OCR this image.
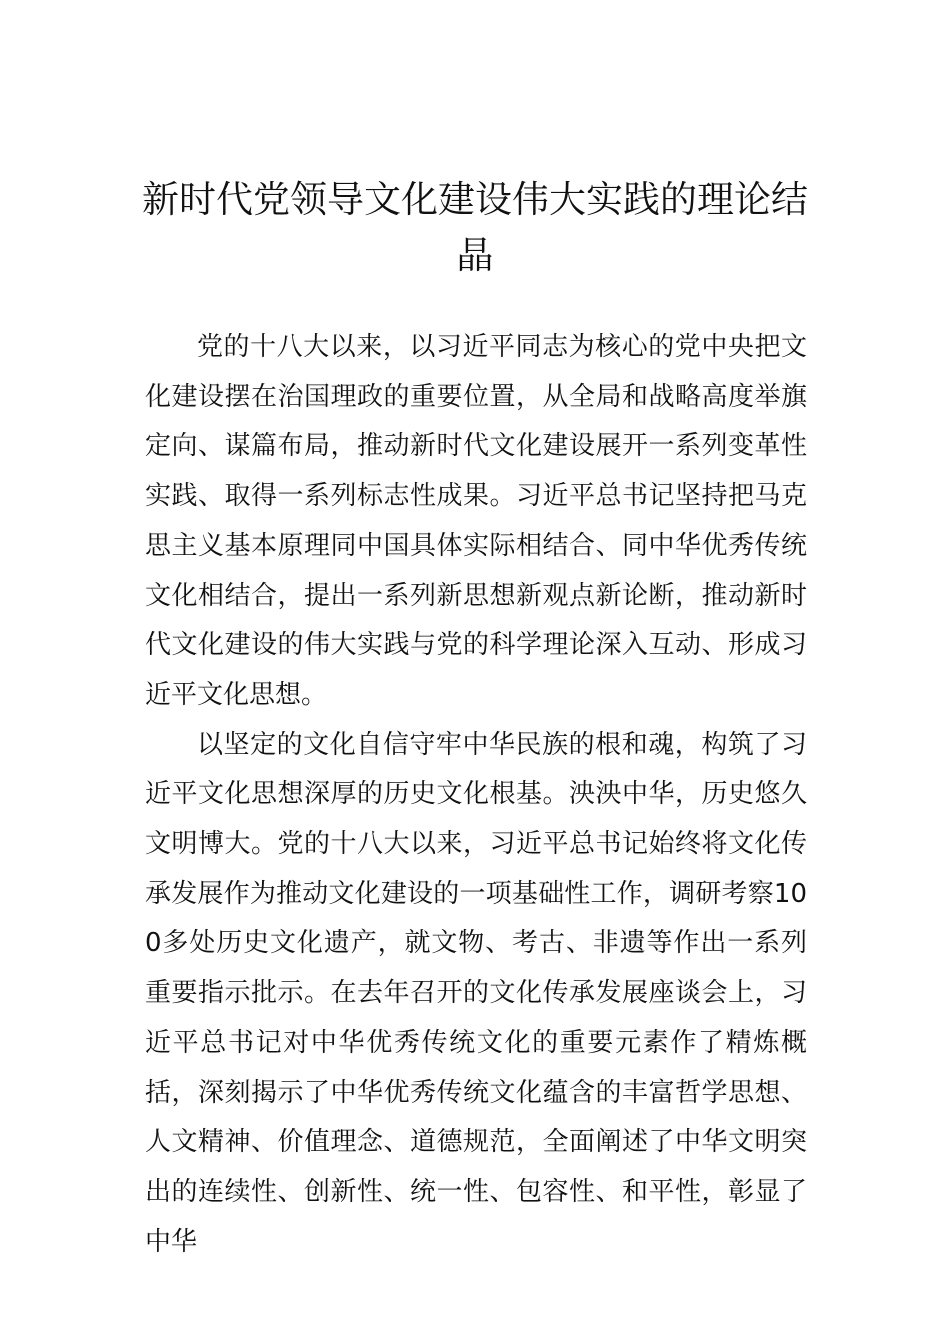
新时代党领导文化建设伟大实践的理论结晶

党的十八大以来，以习近平同志为核心的党中央把文化建设摆在治国理政的重要位置，从全局和战略高度举旗定向、谋篇布局，推动新时代文化建设展开一系列变革性实践、取得一系列标志性成果。习近平总书记坚持把马克思主义基本原理同中国具体实际相结合、同中华优秀传统文化相结合，提出一系列新思想新观点新论断，推动新时代文化建设的伟大实践与党的科学理论深入互动、形成习近平文化思想。

以坚定的文化自信守牢中华民族的根和魂，构筑了习近平文化思想深厚的历史文化根基。泱泱中华，历史悠久文明博大。党的十八大以来，习近平总书记始终将文化传承发展作为推动文化建设的一项基础性工作，调研考察100多处历史文化遗产，就文物、考古、非遗等作出一系列重要指示批示。在去年召开的文化传承发展座谈会上，习近平总书记对中华优秀传统文化的重要元素作了精炼概括，深刻揭示了中华优秀传统文化蕴含的丰富哲学思想、人文精神、价值理念、道德规范，全面阐述了中华文明突出的连续性、创新性、统一性、包容性、和平性，彰显了中华
